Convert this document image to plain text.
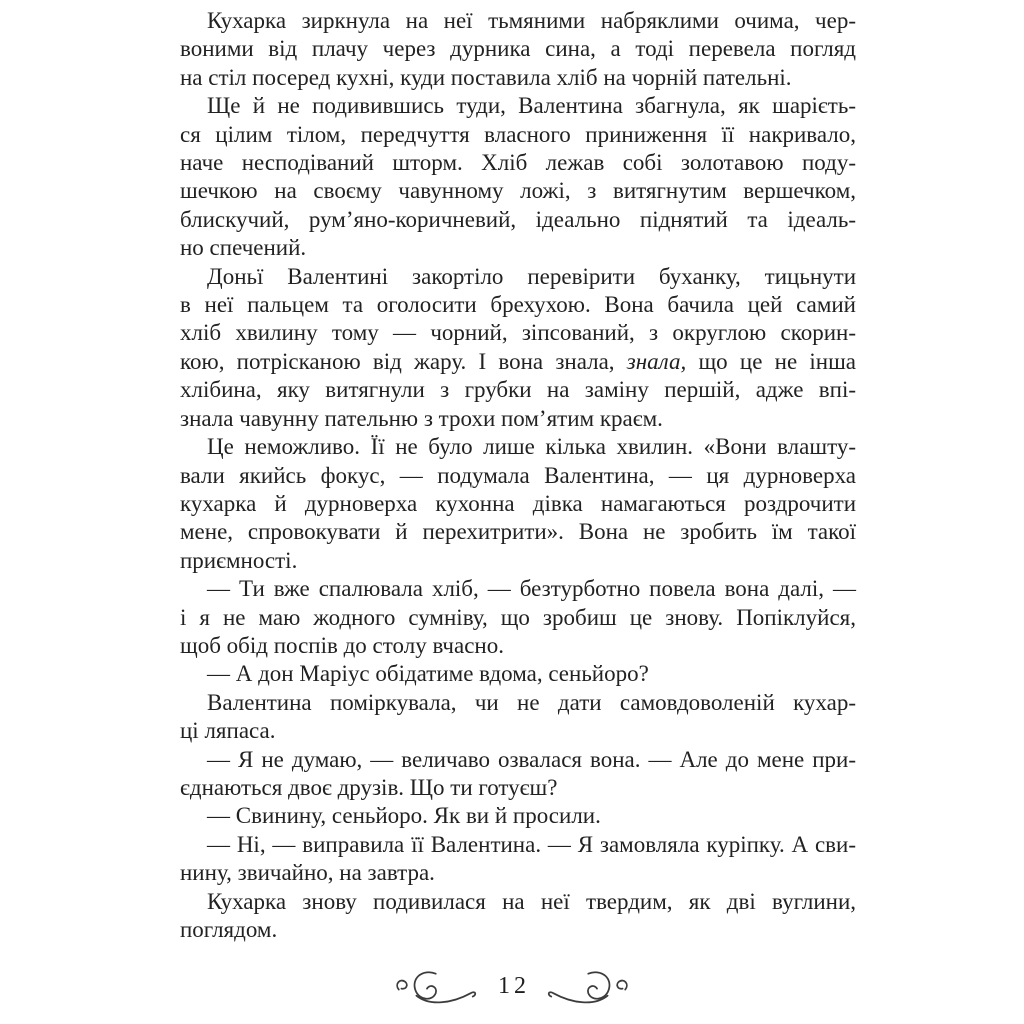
Кухарка зиркнула на неї тьмяними набряклими очима, чер-
воними від плачу через дурника сина, а тоді перевела погляд
на стіл посеред кухні, куди поставила хліб на чорній пательні.
Ще й не подивившись туди, Валентина збагнула, як шарієть-
ся цілим тілом, передчуття власного приниження її накривало,
наче несподіваний шторм. Хліб лежав собі золотавою поду-
шечкою на своєму чавунному ложі, з витягнутим вершечком,
блискучий, рум’яно-коричневий, ідеально піднятий та ідеаль-
но спечений.
Доньї Валентині закортіло перевірити буханку, тицьнути
в неї пальцем та оголосити брехухою. Вона бачила цей самий
хліб хвилину тому — чорний, зіпсований, з округлою скорин-
кою, потрісканою від жару. І вона знала, знала, що це не інша
хлібина, яку витягнули з грубки на заміну першій, адже впі-
знала чавунну пательню з трохи пом’ятим краєм.
Це неможливо. Її не було лише кілька хвилин. «Вони влашту-
вали якийсь фокус, — подумала Валентина, — ця дурноверха
кухарка й дурноверха кухонна дівка намагаються роздрочити
мене, спровокувати й перехитрити». Вона не зробить їм такої
приємності.
— Ти вже спалювала хліб, — безтурботно повела вона далі, —
і я не маю жодного сумніву, що зробиш це знову. Попіклуйся,
щоб обід поспів до столу вчасно.
— А дон Маріус обідатиме вдома, сеньйоро?
Валентина поміркувала, чи не дати самовдоволеній кухар-
ці ляпаса.
— Я не думаю, — величаво озвалася вона. — Але до мене при-
єднаються двоє друзів. Що ти готуєш?
— Свинину, сеньйоро. Як ви й просили.
— Ні, — виправила її Валентина. — Я замовляла куріпку. А сви-
нину, звичайно, на завтра.
Кухарка знову подивилася на неї твердим, як дві вуглини,
поглядом.
12
